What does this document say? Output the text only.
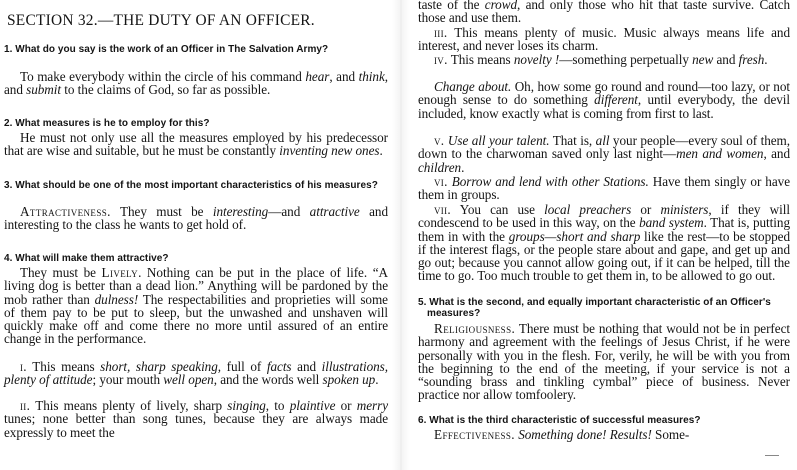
SECTION 32.—THE DUTY OF AN OFFICER.

1. What do you say is the work of an Officer in The Salvation Army?

To make everybody within the circle of his command hear, and think, and submit to the claims of God, so far as possible.

2. What measures is he to employ for this?

He must not only use all the measures employed by his predecessor that are wise and suitable, but he must be constantly inventing new ones.

3. What should be one of the most important characteristics of his measures?

Attractiveness. They must be interesting—and attractive and interesting to the class he wants to get hold of.

4. What will make them attractive?

They must be Lively. Nothing can be put in the place of life. “A living dog is better than a dead lion.” Anything will be pardoned by the mob rather than dulness! The respectabilities and proprieties will some of them pay to be put to sleep, but the unwashed and unshaven will quickly make off and come there no more until assured of an entire change in the performance.

i. This means short, sharp speaking, full of facts and illustrations, plenty of attitude; your mouth well open, and the words well spoken up.

ii. This means plenty of lively, sharp singing, to plaintive or merry tunes; none better than song tunes, because they are always made expressly to meet the

taste of the crowd, and only those who hit that taste survive. Catch those and use them.

iii. This means plenty of music. Music always means life and interest, and never loses its charm.

iv. This means novelty !—something perpetually new and fresh.

Change about. Oh, how some go round and round—too lazy, or not enough sense to do something different, until everybody, the devil included, know exactly what is coming from first to last.

v. Use all your talent. That is, all your people—every soul of them, down to the charwoman saved only last night—men and women, and children.

vi. Borrow and lend with other Stations. Have them singly or have them in groups.

vii. You can use local preachers or ministers, if they will condescend to be used in this way, on the band system. That is, putting them in with the groups—short and sharp like the rest—to be stopped if the interest flags, or the people stare about and gape, and get up and go out; because you cannot allow going out, if it can be helped, till the time to go. Too much trouble to get them in, to be allowed to go out.

5. What is the second, and equally important characteristic of an Officer's measures?

Religiousness. There must be nothing that would not be in perfect harmony and agreement with the feelings of Jesus Christ, if he were personally with you in the flesh. For, verily, he will be with you from the beginning to the end of the meeting, if your service is not a “sounding brass and tinkling cymbal” piece of business. Never practice nor allow tomfoolery.

6. What is the third characteristic of successful measures?

Effectiveness. Something done! Results! Some-
